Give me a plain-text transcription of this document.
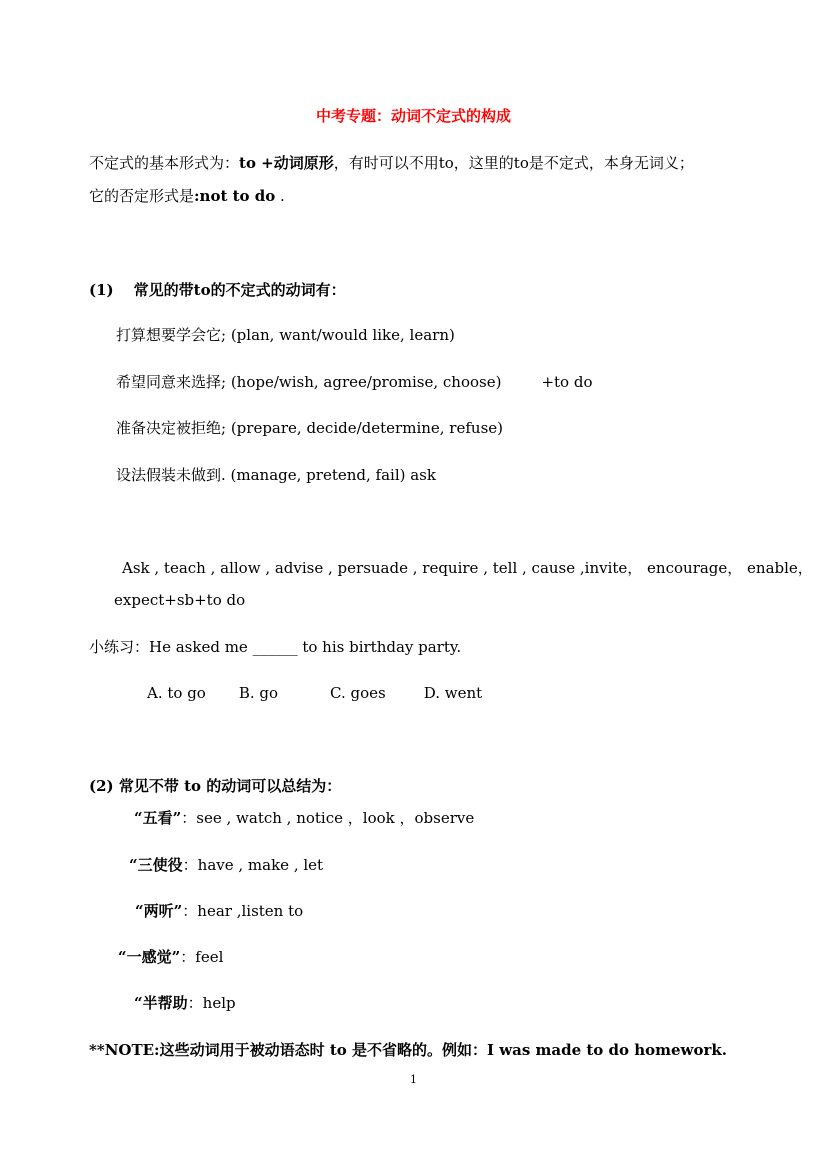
中考专题：动词不定式的构成
不定式的基本形式为：to +动词原形，有时可以不用to，这里的to是不定式，本身无词义；
它的否定形式是:not to do .
(1) 常见的带to的不定式的动词有：
打算想要学会它; (plan, want/would like, learn)
希望同意来选择; (hope/wish, agree/promise, choose)	+to do
准备决定被拒绝; (prepare, decide/determine, refuse)
设法假装未做到. (manage, pretend, fail) ask
Ask , teach , allow , advise , persuade , require , tell , cause ,invite， encourage， enable，
expect+sb+to do
小练习：He asked me ______ to his birthday party.
A. to go B. go	C. goes	D. went
(2) 常见不带 to 的动词可以总结为：
“五看”：see , watch , notice ，look ，observe
“三使役：have , make , let
“两听”：hear ,listen to
“一感觉”：feel
“半帮助：help
**NOTE:这些动词用于被动语态时 to 是不省略的。例如：I was made to do homework.
1
